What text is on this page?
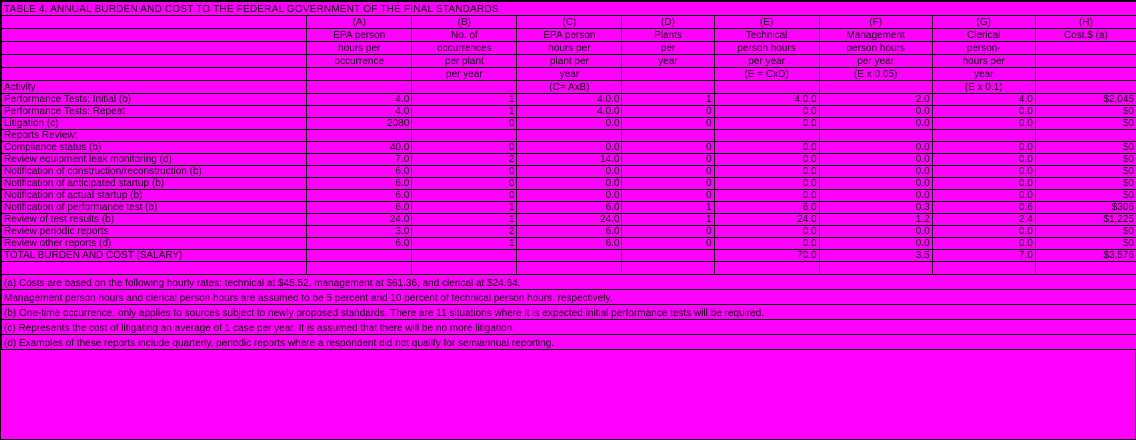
TABLE 4. ANNUAL BURDEN AND COST TO THE FEDERAL GOVERNMENT OF THE FINAL STANDARDS								
	(A)	(B)	(C)	(D)	(E)	(F)	(G)	(H)
	EPA person	No. of	EPA person	Plants	Technical	Management	Clerical	Cost,$ (a)
	hours per	occurrences	hours per	per	person hours	person hours	person-	
	occurrence	per plant	plant per	year	per year	per year	hours per	
		per year	year		(E = CxD)	(E x 0.05)	year	
Activity			(C= AxB)				(E x 0.1)	
Performance Tests: Initial (b)	4.0	1	4.0.0	1	4.0.0	2.0	4.0	$2,045
Performance Tests: Repeat	4.0	1	4.0.0	0	0.0	0.0	0.0	$0
Litigation (c)	2080	0	0.0	0	0.0	0.0	0.0	$0
Reports Review:								
Compliance status (b)	40.0	0	0.0	0	0.0	0.0	0.0	$0
Review equipment leak monitoring (d)	7.0	2	14.0	0	0.0	0.0	0.0	$0
Notification of construction/reconstruction (b)	6.0	0	0.0	0	0.0	0.0	0.0	$0
Notification of anticipated startup (b)	6.0	0	0.0	0	0.0	0.0	0.0	$0
Notification of actual startup (b)	6.0	0	0.0	0	0.0	0.0	0.0	$0
Notification of performance test (b)	6.0	1	6.0	1	6.0	0.3	0.6	$306
Review of test results (b)	24.0	1	24.0	1	24.0	1.2	2.4	$1,225
Review periodic reports	3.0	2	6.0	0	0.0	0.0	0.0	$0
Review other reports (d)	6.0	1	6.0	0	0.0	0.0	0.0	$0
TOTAL BURDEN AND COST (SALARY)					70.0	3.5	7.0	$3,576

(a) Costs are based on the following hourly rates: technical at $45.52, management at $61.36, and clerical at $24.64.								
Management person hours and clerical person hours are assumed to be 5 percent and 10 percent of technical person hours, respectively.								
(b) One-time occurrence, only applies to sources subject to newly proposed standards. There are 11 situations where it is expected initial performance tests will be required.								
(c) Represents the cost of litigating an average of 1 case per year. It is assumed that there will be no more litigation.								
(d) Examples of these reports include quarterly, periodic reports where a respondent did not qualify for semiannual reporting.								
